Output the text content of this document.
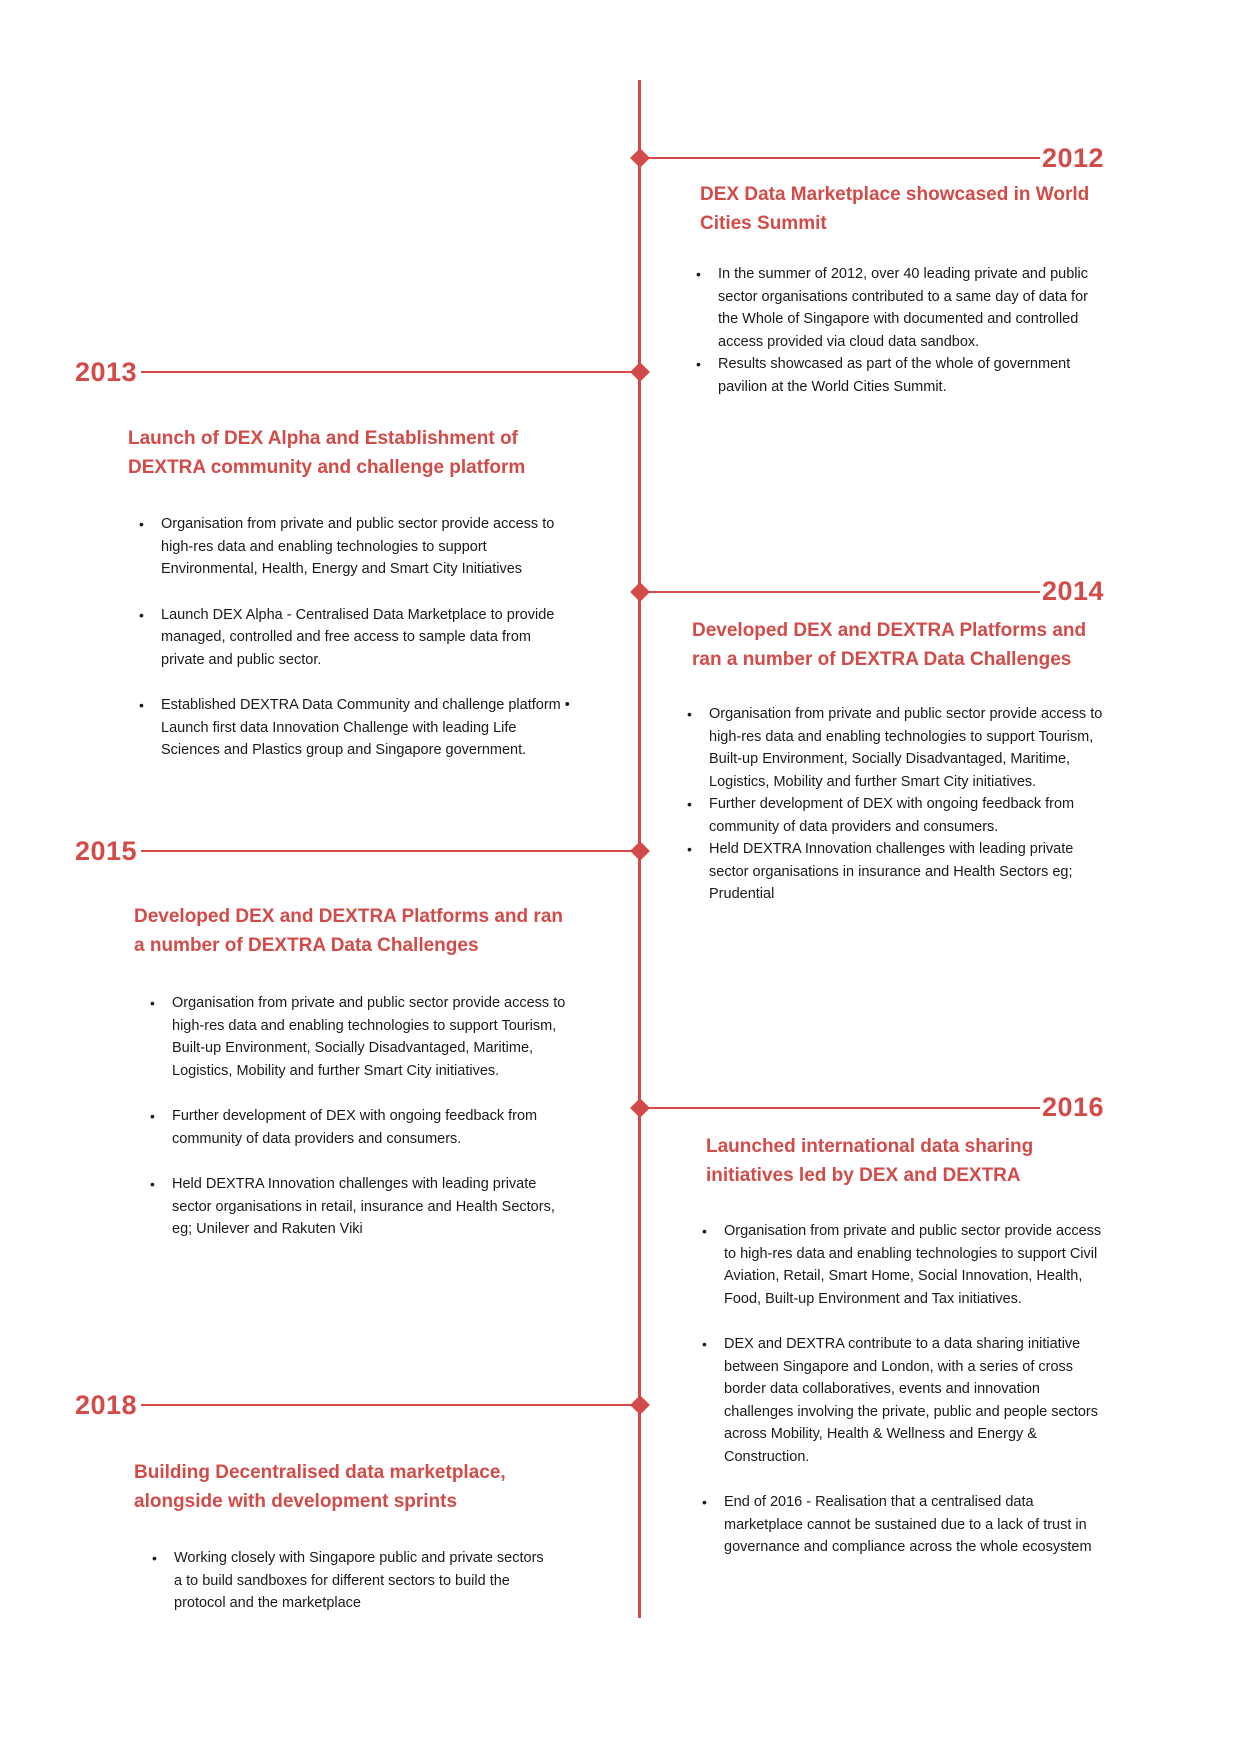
2012
DEX Data Marketplace showcased in World Cities Summit
• In the summer of 2012, over 40 leading private and public sector organisations contributed to a same day of data for the Whole of Singapore with documented and controlled access provided via cloud data sandbox.
• Results showcased as part of the whole of government pavilion at the World Cities Summit.
2013
Launch of DEX Alpha and Establishment of DEXTRA community and challenge platform
• Organisation from private and public sector provide access to high-res data and enabling technologies to support Environmental, Health, Energy and Smart City Initiatives
• Launch DEX Alpha - Centralised Data Marketplace to provide managed, controlled and free access to sample data from private and public sector.
• Established DEXTRA Data Community and challenge platform • Launch first data Innovation Challenge with leading Life Sciences and Plastics group and Singapore government.
2014
Developed DEX and DEXTRA Platforms and ran a number of DEXTRA Data Challenges
• Organisation from private and public sector provide access to high-res data and enabling technologies to support Tourism, Built-up Environment, Socially Disadvantaged, Maritime, Logistics, Mobility and further Smart City initiatives.
• Further development of DEX with ongoing feedback from community of data providers and consumers.
• Held DEXTRA Innovation challenges with leading private sector organisations in insurance and Health Sectors eg; Prudential
2015
Developed DEX and DEXTRA Platforms and ran a number of DEXTRA Data Challenges
• Organisation from private and public sector provide access to high-res data and enabling technologies to support Tourism, Built-up Environment, Socially Disadvantaged, Maritime, Logistics, Mobility and further Smart City initiatives.
• Further development of DEX with ongoing feedback from community of data providers and consumers.
• Held DEXTRA Innovation challenges with leading private sector organisations in retail, insurance and Health Sectors, eg; Unilever and Rakuten Viki
2016
Launched international data sharing initiatives led by DEX and DEXTRA
• Organisation from private and public sector provide access to high-res data and enabling technologies to support Civil Aviation, Retail, Smart Home, Social Innovation, Health, Food, Built-up Environment and Tax initiatives.
• DEX and DEXTRA contribute to a data sharing initiative between Singapore and London, with a series of cross border data collaboratives, events and innovation challenges involving the private, public and people sectors across Mobility, Health & Wellness and Energy & Construction.
• End of 2016 - Realisation that a centralised data marketplace cannot be sustained due to a lack of trust in governance and compliance across the whole ecosystem
2018
Building Decentralised data marketplace, alongside with development sprints
• Working closely with Singapore public and private sectors a to build sandboxes for different sectors to build the protocol and the marketplace
